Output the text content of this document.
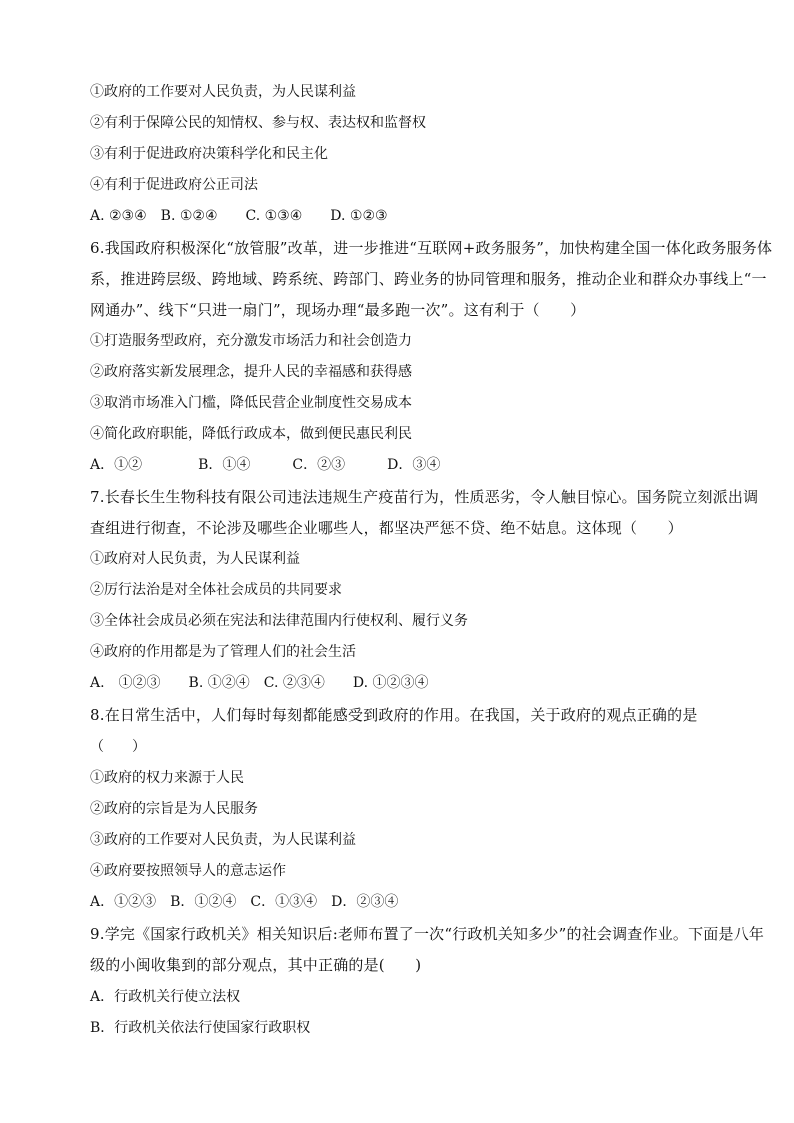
①政府的工作要对人民负责，为人民谋利益
②有利于保障公民的知情权、参与权、表达权和监督权
③有利于促进政府决策科学化和民主化
④有利于促进政府公正司法
A. ②③④　B. ①②④　　C. ①③④　　D. ①②③
6.我国政府积极深化“放管服”改革，进一步推进“互联网+政务服务”，加快构建全国一体化政务服务体
系，推进跨层级、跨地域、跨系统、跨部门、跨业务的协同管理和服务，推动企业和群众办事线上“一
网通办”、线下“只进一扇门”，现场办理“最多跑一次”。这有利于（　　）
①打造服务型政府，充分激发市场活力和社会创造力
②政府落实新发展理念，提升人民的幸福感和获得感
③取消市场准入门槛，降低民营企业制度性交易成本
④简化政府职能，降低行政成本，做到便民惠民利民
A．①②　　　　B．①④　　　C．②③　　　D．③④
7.长春长生生物科技有限公司违法违规生产疫苗行为，性质恶劣，令人触目惊心。国务院立刻派出调
查组进行彻查，不论涉及哪些企业哪些人，都坚决严惩不贷、绝不姑息。这体现（　　）
①政府对人民负责，为人民谋利益
②厉行法治是对全体社会成员的共同要求
③全体社会成员必须在宪法和法律范围内行使权利、履行义务
④政府的作用都是为了管理人们的社会生活
A.　①②③　　B. ①②④　C. ②③④　　D. ①②③④
8.在日常生活中，人们每时每刻都能感受到政府的作用。在我国，关于政府的观点正确的是
（　　）
①政府的权力来源于人民
②政府的宗旨是为人民服务
③政府的工作要对人民负责，为人民谋利益
④政府要按照领导人的意志运作
A．①②③　B．①②④　C．①③④　D．②③④
9.学完《国家行政机关》相关知识后:老师布置了一次“行政机关知多少”的社会调查作业。下面是八年
级的小闽收集到的部分观点，其中正确的是(　　)
A．行政机关行使立法权
B．行政机关依法行使国家行政职权
